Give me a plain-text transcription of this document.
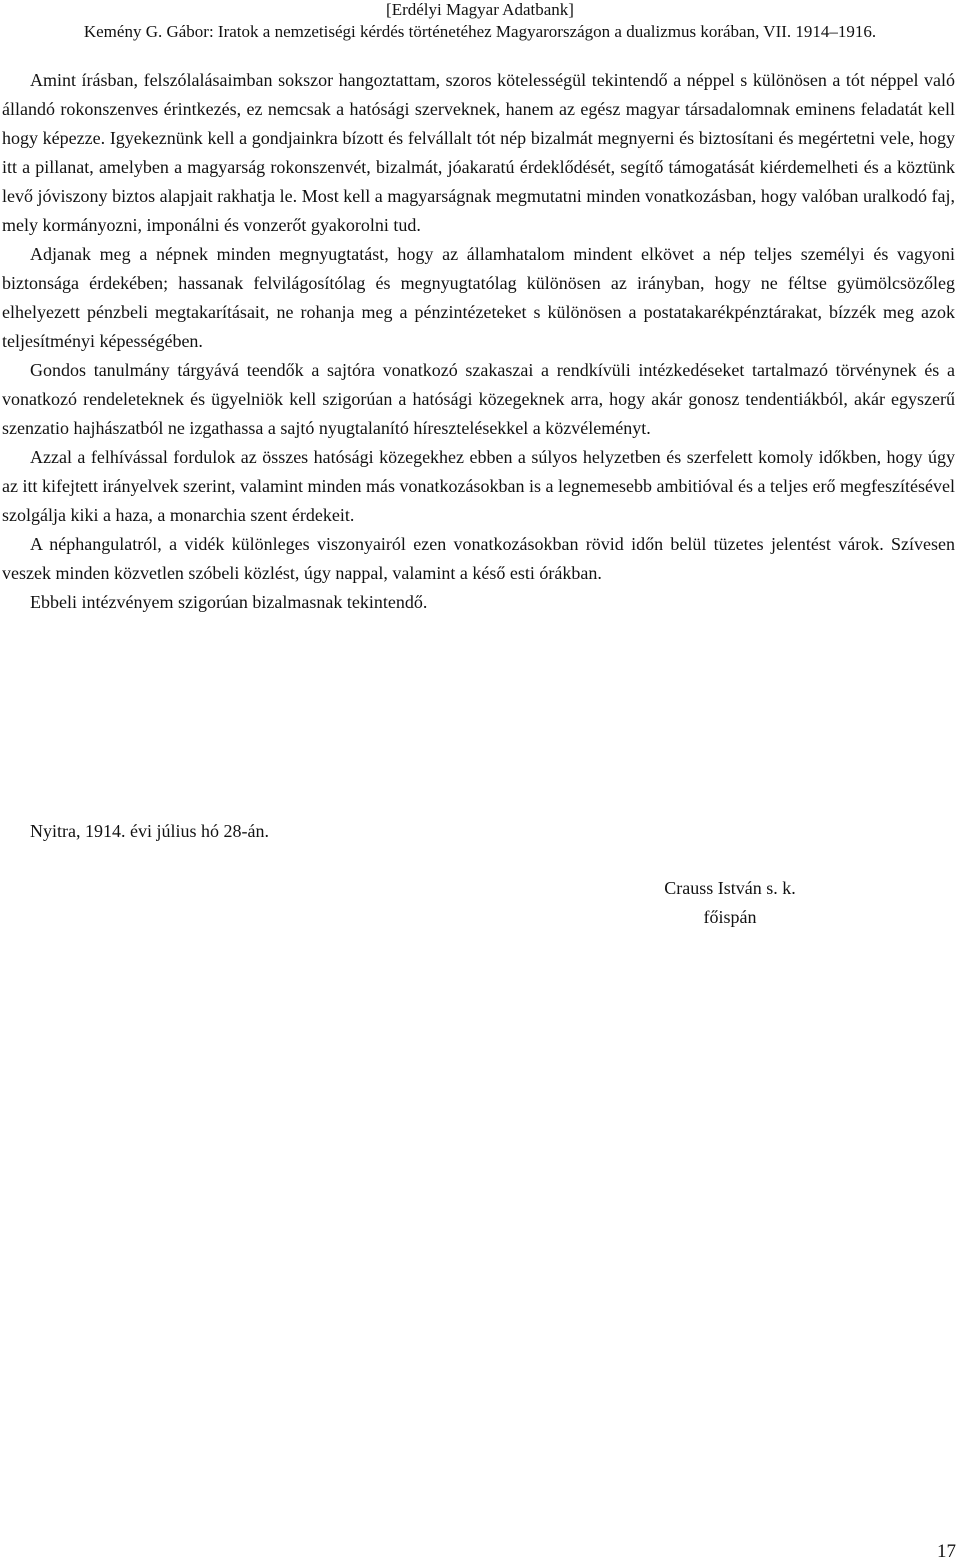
[Erdélyi Magyar Adatbank]
Kemény G. Gábor: Iratok a nemzetiségi kérdés történetéhez Magyarországon a dualizmus korában, VII. 1914–1916.

Amint írásban, felszólalásaimban sokszor hangoztattam, szoros kötelességül tekintendő a néppel s különösen a tót néppel való állandó rokonszenves érintkezés, ez nemcsak a hatósági szerveknek, hanem az egész magyar társadalomnak eminens feladatát kell hogy képezze. Igyekeznünk kell a gondjainkra bízott és felvállalt tót nép bizalmát megnyerni és biztosítani és megértetni vele, hogy itt a pillanat, amelyben a magyarság rokonszenvét, bizalmát, jóakaratú érdeklődését, segítő támogatását kiérdemelheti és a köztünk levő jóviszony biztos alapjait rakhatja le. Most kell a magyarságnak megmutatni minden vonatkozásban, hogy valóban uralkodó faj, mely kormányozni, imponálni és vonzerőt gyakorolni tud.

Adjanak meg a népnek minden megnyugtatást, hogy az államhatalom mindent elkövet a nép teljes személyi és vagyoni biztonsága érdekében; hassanak felvilágosítólag és megnyugtatólag különösen az irányban, hogy ne féltse gyümölcsözőleg elhelyezett pénzbeli megtakarításait, ne rohanja meg a pénzintézeteket s különösen a postatakarékpénztárakat, bízzék meg azok teljesítményi képességében.

Gondos tanulmány tárgyává teendők a sajtóra vonatkozó szakaszai a rendkívüli intézkedéseket tartalmazó törvénynek és a vonatkozó rendeleteknek és ügyelniök kell szigorúan a hatósági közegeknek arra, hogy akár gonosz tendentiákból, akár egyszerű szenzatio hajhászatból ne izgathassa a sajtó nyugtalanító híresztelésekkel a közvéleményt.

Azzal a felhívással fordulok az összes hatósági közegekhez ebben a súlyos helyzetben és szerfelett komoly időkben, hogy úgy az itt kifejtett irányelvek szerint, valamint minden más vonatkozásokban is a legnemesebb ambitióval és a teljes erő megfeszítésével szolgálja kiki a haza, a monarchia szent érdekeit.

A néphangulatról, a vidék különleges viszonyairól ezen vonatkozásokban rövid időn belül tüzetes jelentést várok. Szívesen veszek minden közvetlen szóbeli közlést, úgy nappal, valamint a késő esti órákban.

Ebbeli intézvényem szigorúan bizalmasnak tekintendő.

Nyitra, 1914. évi július hó 28-án.
Crauss István s. k.
főispán
17
